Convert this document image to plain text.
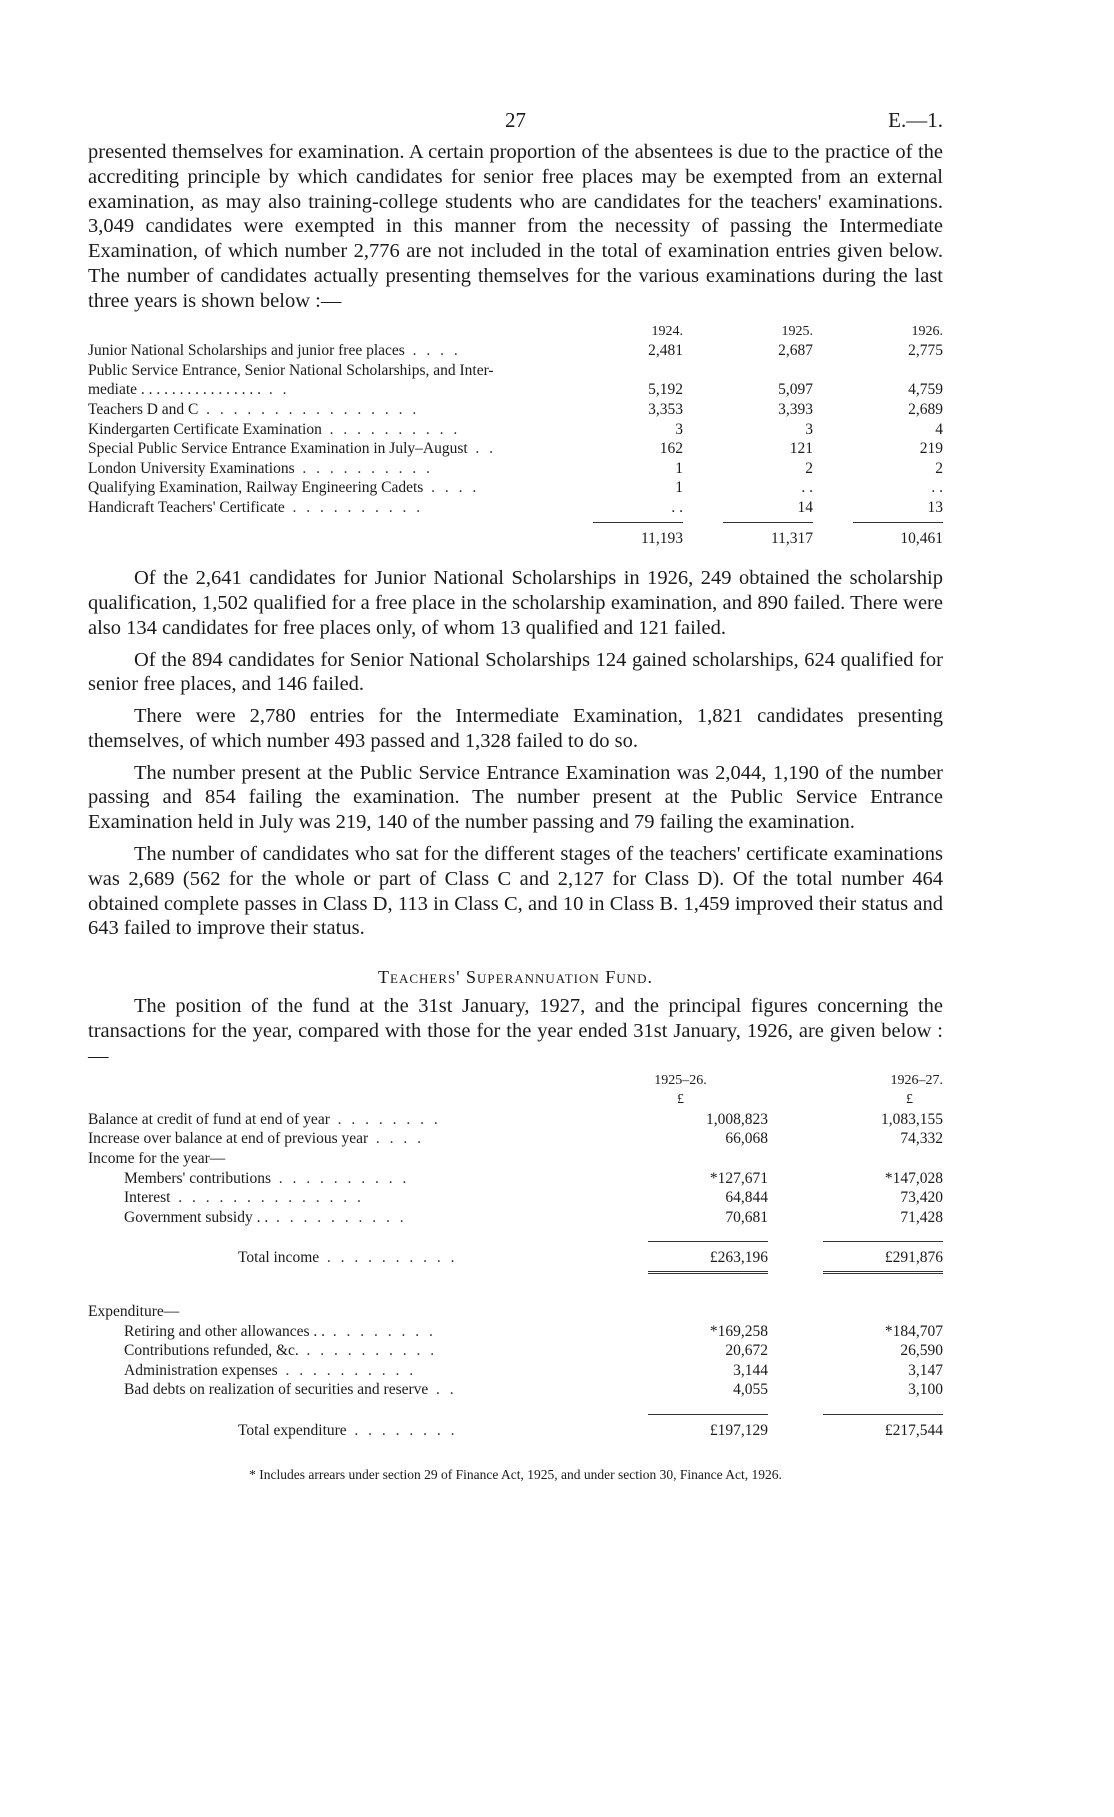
27	E.—1.

presented themselves for examination. A certain proportion of the absentees is due to the practice of the accrediting principle by which candidates for senior free places may be exempted from an external examination, as may also training-college students who are candidates for the teachers' examinations. 3,049 candidates were exempted in this manner from the necessity of passing the Intermediate Examination, of which number 2,776 are not included in the total of examination entries given below. The number of candidates actually presenting themselves for the various examinations during the last three years is shown below :—

1924.	1925.	1926.
Junior National Scholarships and junior free places . . . .	2,481	2,687	2,775
Public Service Entrance, Senior National Scholarships, and Inter-
mediate . . . . . . . . . . . . . . . . . .	5,192	5,097	4,759
Teachers D and C . . . . . . . . . . . . . . . .	3,353	3,393	2,689
Kindergarten Certificate Examination . . . . . . . . . .	3	3	4
Special Public Service Entrance Examination in July–August . .	162	121	219
London University Examinations . . . . . . . . . .	1	2	2
Qualifying Examination, Railway Engineering Cadets . . . .	1	. .	. .
Handicraft Teachers' Certificate . . . . . . . . . .	. .	14	13
11,193	11,317	10,461

Of the 2,641 candidates for Junior National Scholarships in 1926, 249 obtained the scholarship qualification, 1,502 qualified for a free place in the scholarship examination, and 890 failed. There were also 134 candidates for free places only, of whom 13 qualified and 121 failed.

Of the 894 candidates for Senior National Scholarships 124 gained scholarships, 624 qualified for senior free places, and 146 failed.

There were 2,780 entries for the Intermediate Examination, 1,821 candidates presenting themselves, of which number 493 passed and 1,328 failed to do so.

The number present at the Public Service Entrance Examination was 2,044, 1,190 of the number passing and 854 failing the examination. The number present at the Public Service Entrance Examination held in July was 219, 140 of the number passing and 79 failing the examination.

The number of candidates who sat for the different stages of the teachers' certificate examinations was 2,689 (562 for the whole or part of Class C and 2,127 for Class D). Of the total number 464 obtained complete passes in Class D, 113 in Class C, and 10 in Class B. 1,459 improved their status and 643 failed to improve their status.

Teachers' Superannuation Fund.

The position of the fund at the 31st January, 1927, and the principal figures concerning the transactions for the year, compared with those for the year ended 31st January, 1926, are given below :—

1925–26.	1926–27.
£	£
Balance at credit of fund at end of year . . . . . . . .	1,008,823	1,083,155
Increase over balance at end of previous year . . . .	66,068	74,332
Income for the year—
Members' contributions . . . . . . . . . .	*127,671	*147,028
Interest . . . . . . . . . . . . . .	64,844	73,420
Government subsidy . . . . . . . . . . . .	70,681	71,428
Total income . . . . . . . . . .	£263,196	£291,876
Expenditure—
Retiring and other allowances . . . . . . . . . .	*169,258	*184,707
Contributions refunded, &c. . . . . . . . . . .	20,672	26,590
Administration expenses . . . . . . . . . .	3,144	3,147
Bad debts on realization of securities and reserve . .	4,055	3,100
Total expenditure . . . . . . . .	£197,129	£217,544
* Includes arrears under section 29 of Finance Act, 1925, and under section 30, Finance Act, 1926.
